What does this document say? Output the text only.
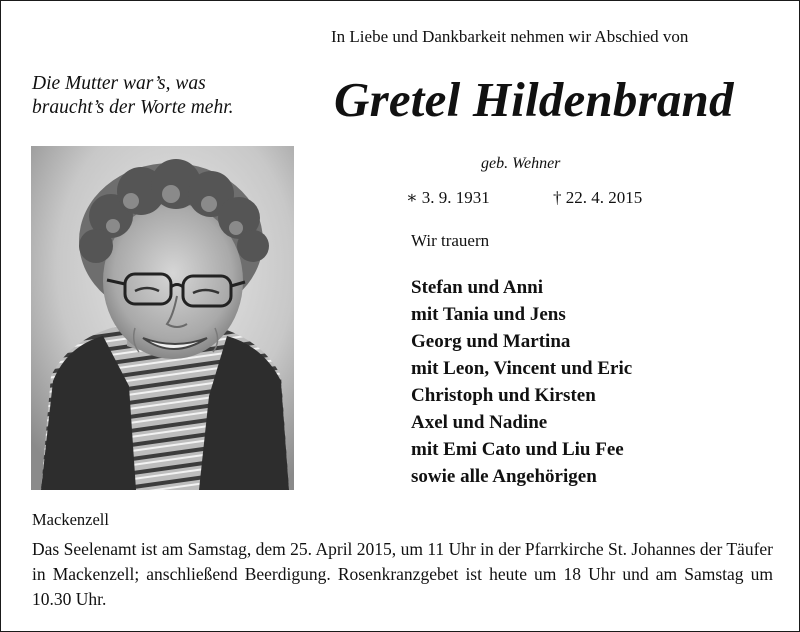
In Liebe und Dankbarkeit nehmen wir Abschied von
Die Mutter war’s, was
braucht’s der Worte mehr. Gretel Hildenbrand
geb. Wehner
∗ 3. 9. 1931	† 22. 4. 2015
Wir trauern
Stefan und Anni
mit Tania und Jens
Georg und Martina
mit Leon, Vincent und Eric
Christoph und Kirsten
Axel und Nadine
mit Emi Cato und Liu Fee
sowie alle Angehörigen
Mackenzell
Das Seelenamt ist am Samstag, dem 25. April 2015, um 11 Uhr in der Pfarrkirche St. Johannes der Täufer in Mackenzell; anschließend Beerdigung. Rosenkranzgebet ist heute um 18 Uhr und am Samstag um 10.30 Uhr.
